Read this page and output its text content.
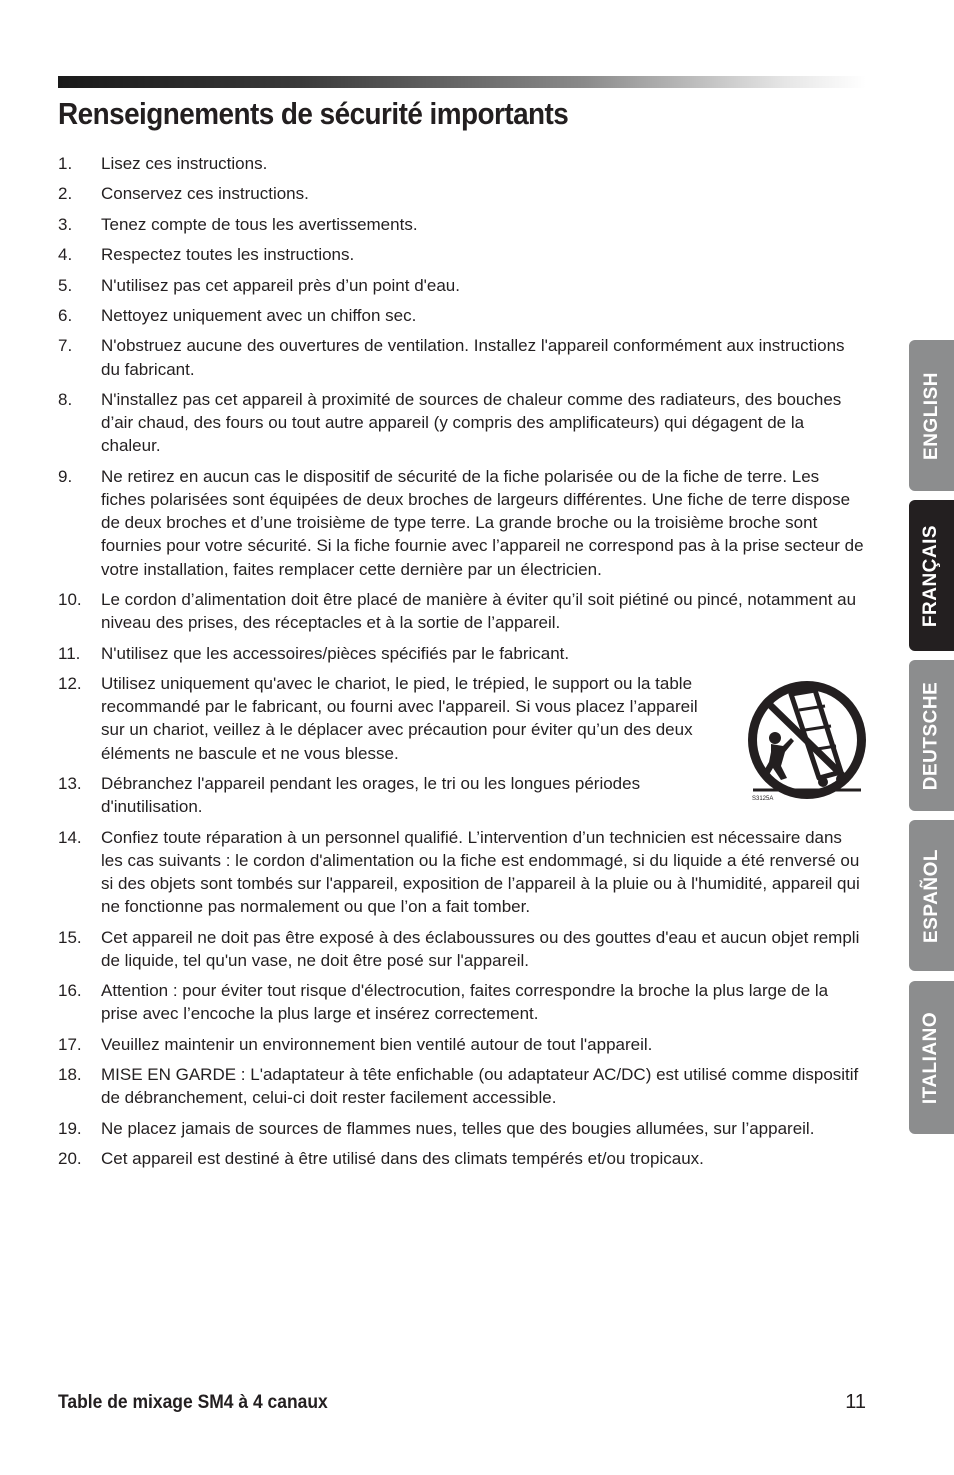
Renseignements de sécurité importants
1. Lisez ces instructions.
2. Conservez ces instructions.
3. Tenez compte de tous les avertissements.
4. Respectez toutes les instructions.
5. N'utilisez pas cet appareil près d’un point d'eau.
6. Nettoyez uniquement avec un chiffon sec.
7. N'obstruez aucune des ouvertures de ventilation. Installez l'appareil conformément aux instructions du fabricant.
8. N'installez pas cet appareil à proximité de sources de chaleur comme des radiateurs, des bouches d’air chaud, des fours ou tout autre appareil (y compris des amplificateurs) qui dégagent de la chaleur.
9. Ne retirez en aucun cas le dispositif de sécurité de la fiche polarisée ou de la fiche de terre. Les fiches polarisées sont équipées de deux broches de largeurs différentes. Une fiche de terre dispose de deux broches et d’une troisième de type terre. La grande broche ou la troisième broche sont fournies pour votre sécurité. Si la fiche fournie avec l’appareil ne correspond pas à la prise secteur de votre installation, faites remplacer cette dernière par un électricien.
10. Le cordon d’alimentation doit être placé de manière à éviter qu’il soit piétiné ou pincé, notamment au niveau des prises, des réceptacles et à la sortie de l’appareil.
11. N'utilisez que les accessoires/pièces spécifiés par le fabricant.
12. Utilisez uniquement qu'avec le chariot, le pied, le trépied, le support ou la table recommandé par le fabricant, ou fourni avec l'appareil. Si vous placez l’appareil sur un chariot, veillez à le déplacer avec précaution pour éviter qu’un des deux éléments ne bascule et ne vous blesse.
13. Débranchez l'appareil pendant les orages, le tri ou les longues périodes d'inutilisation.
14. Confiez toute réparation à un personnel qualifié. L’intervention d’un technicien est nécessaire dans les cas suivants : le cordon d'alimentation ou la fiche est endommagé, si du liquide a été renversé ou si des objets sont tombés sur l'appareil, exposition de l’appareil à la pluie ou à l'humidité, appareil qui ne fonctionne pas normalement ou que l’on a fait tomber.
15. Cet appareil ne doit pas être exposé à des éclaboussures ou des gouttes d'eau et aucun objet rempli de liquide, tel qu'un vase, ne doit être posé sur l'appareil.
16. Attention : pour éviter tout risque d'électrocution, faites correspondre la broche la plus large de la prise avec l’encoche la plus large et insérez correctement.
17. Veuillez maintenir un environnement bien ventilé autour de tout l'appareil.
18. MISE EN GARDE : L'adaptateur à tête enfichable (ou adaptateur AC/DC) est utilisé comme dispositif de débranchement, celui-ci doit rester facilement accessible.
19. Ne placez jamais de sources de flammes nues, telles que des bougies allumées, sur l’appareil.
20. Cet appareil est destiné à être utilisé dans des climats tempérés et/ou tropicaux.
S3125A
ENGLISH
FRANÇAIS
DEUTSCHE
ESPAÑOL
ITALIANO
Table de mixage SM4 à 4 canaux	11
